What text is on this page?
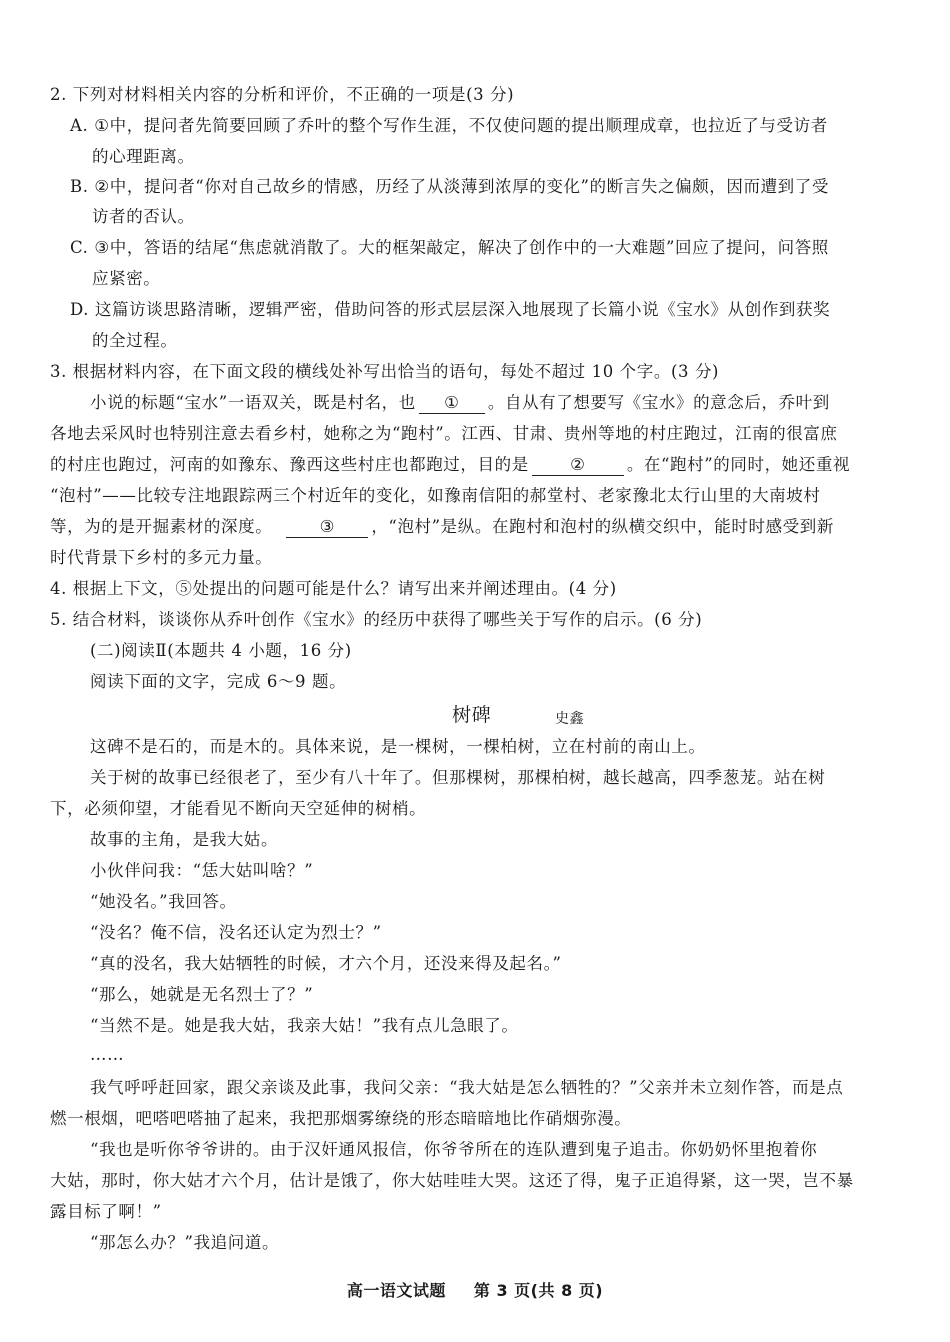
2. 下列对材料相关内容的分析和评价，不正确的一项是(3 分)
A. ①中，提问者先简要回顾了乔叶的整个写作生涯，不仅使问题的提出顺理成章，也拉近了与受访者
的心理距离。
B. ②中，提问者“你对自己故乡的情感，历经了从淡薄到浓厚的变化”的断言失之偏颇，因而遭到了受
访者的否认。
C. ③中，答语的结尾“焦虑就消散了。大的框架敲定，解决了创作中的一大难题”回应了提问，问答照
应紧密。
D. 这篇访谈思路清晰，逻辑严密，借助问答的形式层层深入地展现了长篇小说《宝水》从创作到获奖
的全过程。
3. 根据材料内容，在下面文段的横线处补写出恰当的语句，每处不超过 10 个字。(3 分)
小说的标题“宝水”一语双关，既是村名，也 ① 。自从有了想要写《宝水》的意念后，乔叶到
各地去采风时也特别注意去看乡村，她称之为“跑村”。江西、甘肃、贵州等地的村庄跑过，江南的很富庶
的村庄也跑过，河南的如豫东、豫西这些村庄也都跑过，目的是	②	。在“跑村”的同时，她还重视
“泡村”——比较专注地跟踪两三个村近年的变化，如豫南信阳的郝堂村、老家豫北太行山里的大南坡村
等，为的是开掘素材的深度。	③ ，“泡村”是纵。在跑村和泡村的纵横交织中，能时时感受到新
时代背景下乡村的多元力量。
4. 根据上下文，⑤处提出的问题可能是什么？请写出来并阐述理由。(4 分)
5. 结合材料，谈谈你从乔叶创作《宝水》的经历中获得了哪些关于写作的启示。(6 分)
(二)阅读Ⅱ(本题共 4 小题，16 分)
阅读下面的文字，完成 6～9 题。
树碑	史鑫
这碑不是石的，而是木的。具体来说，是一棵树，一棵柏树，立在村前的南山上。
关于树的故事已经很老了，至少有八十年了。但那棵树，那棵柏树，越长越高，四季葱茏。站在树
下，必须仰望，才能看见不断向天空延伸的树梢。
故事的主角，是我大姑。
小伙伴问我：“恁大姑叫啥？”
“她没名。”我回答。
“没名？俺不信，没名还认定为烈士？”
“真的没名，我大姑牺牲的时候，才六个月，还没来得及起名。”
“那么，她就是无名烈士了？”
“当然不是。她是我大姑，我亲大姑！”我有点儿急眼了。
……
我气呼呼赶回家，跟父亲谈及此事，我问父亲：“我大姑是怎么牺牲的？”父亲并未立刻作答，而是点
燃一根烟，吧嗒吧嗒抽了起来，我把那烟雾缭绕的形态暗暗地比作硝烟弥漫。
“我也是听你爷爷讲的。由于汉奸通风报信，你爷爷所在的连队遭到鬼子追击。你奶奶怀里抱着你
大姑，那时，你大姑才六个月，估计是饿了，你大姑哇哇大哭。这还了得，鬼子正追得紧，这一哭，岂不暴
露目标了啊！”
“那怎么办？”我追问道。
高一语文试题 第 3 页(共 8 页)
